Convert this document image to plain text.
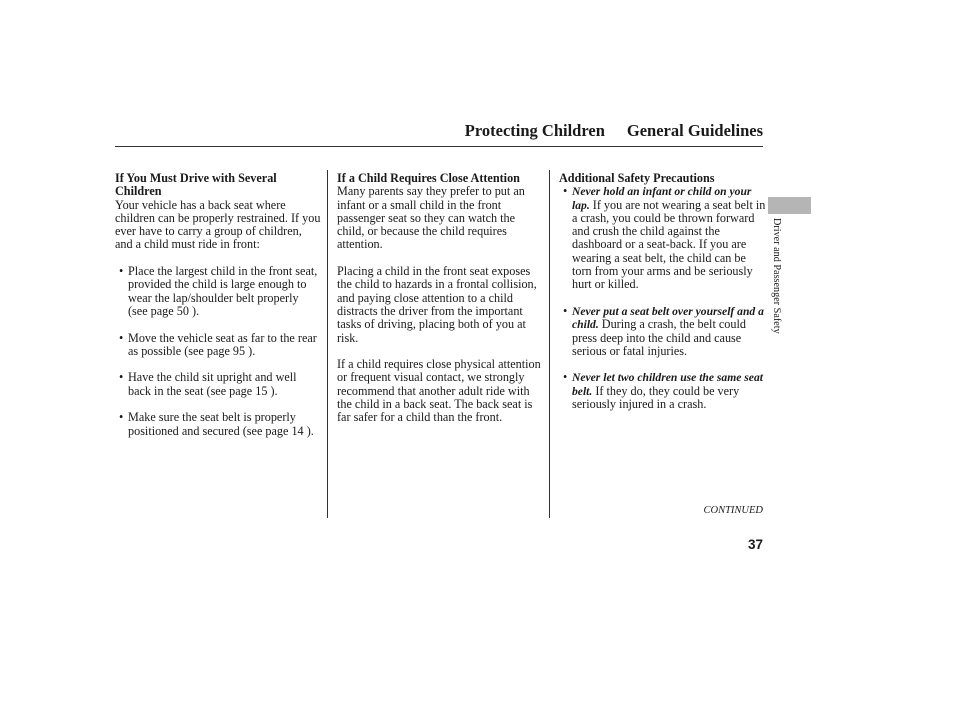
Protecting Children General Guidelines

If You Must Drive with Several Children

Your vehicle has a back seat where children can be properly restrained. If you ever have to carry a group of children, and a child must ride in front:

• Place the largest child in the front seat, provided the child is large enough to wear the lap/shoulder belt properly (see page 50 ).
• Move the vehicle seat as far to the rear as possible (see page 95 ).
• Have the child sit upright and well back in the seat (see page 15 ).
• Make sure the seat belt is properly positioned and secured (see page 14 ).

If a Child Requires Close Attention

Many parents say they prefer to put an infant or a small child in the front passenger seat so they can watch the child, or because the child requires attention.

Placing a child in the front seat exposes the child to hazards in a frontal collision, and paying close attention to a child distracts the driver from the important tasks of driving, placing both of you at risk.

If a child requires close physical attention or frequent visual contact, we strongly recommend that another adult ride with the child in a back seat. The back seat is far safer for a child than the front.

Additional Safety Precautions

• Never hold an infant or child on your lap. If you are not wearing a seat belt in a crash, you could be thrown forward and crush the child against the dashboard or a seat-back. If you are wearing a seat belt, the child can be torn from your arms and be seriously hurt or killed.
• Never put a seat belt over yourself and a child. During a crash, the belt could press deep into the child and cause serious or fatal injuries.
• Never let two children use the same seat belt. If they do, they could be very seriously injured in a crash.
Driver and Passenger Safety
CONTINUED
37
